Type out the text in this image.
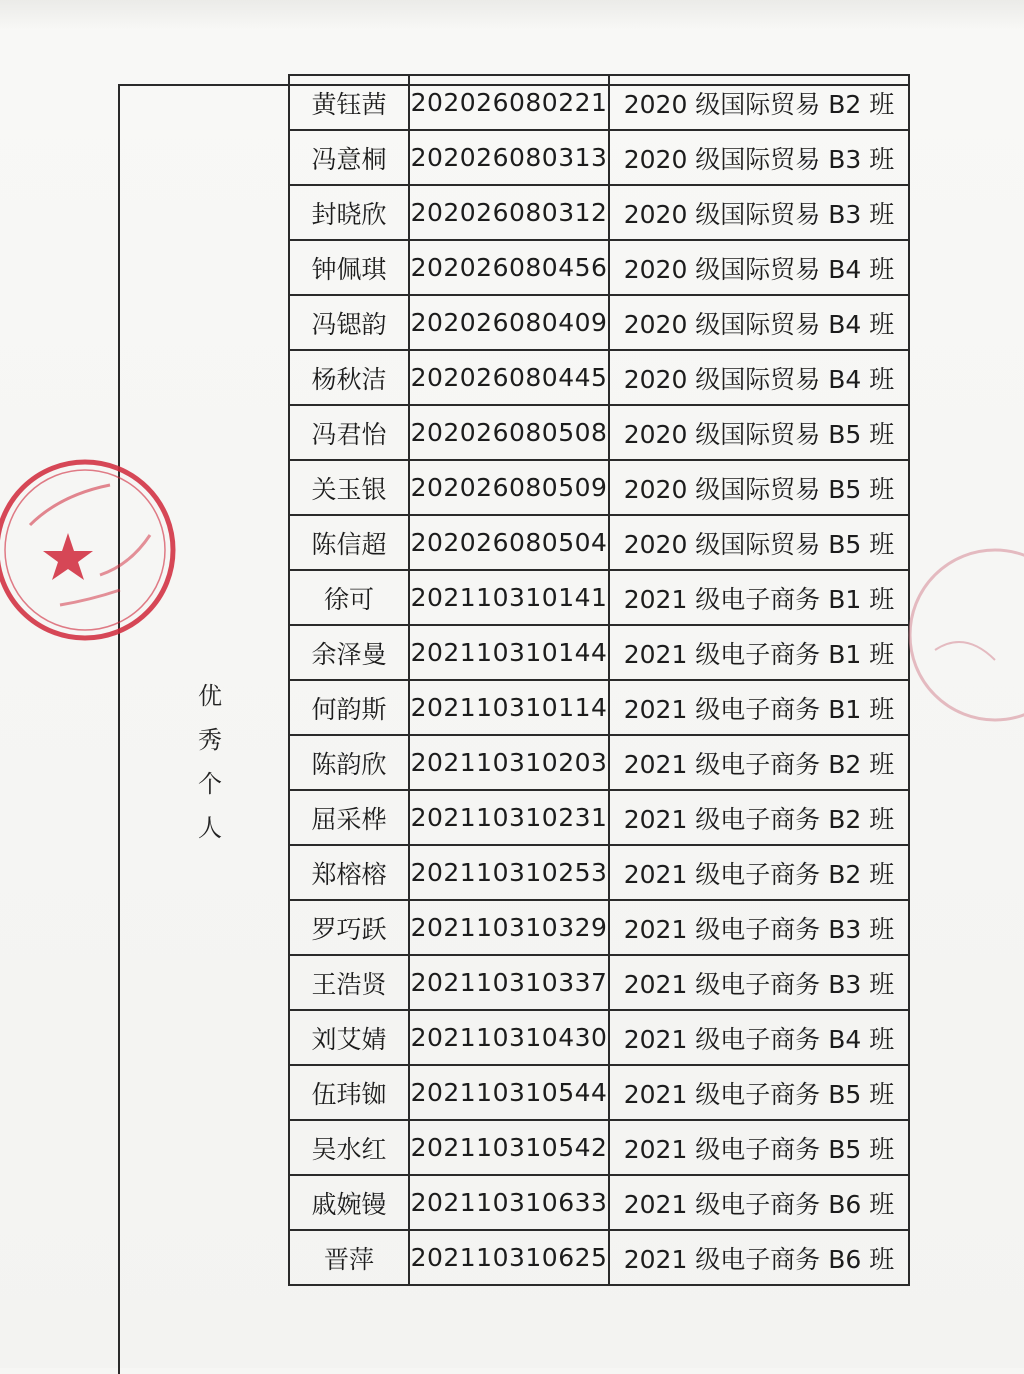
优秀个人
黄钰茜	202026080221	2020 级国际贸易 B2 班
冯意桐	202026080313	2020 级国际贸易 B3 班
封晓欣	202026080312	2020 级国际贸易 B3 班
钟佩琪	202026080456	2020 级国际贸易 B4 班
冯锶韵	202026080409	2020 级国际贸易 B4 班
杨秋洁	202026080445	2020 级国际贸易 B4 班
冯君怡	202026080508	2020 级国际贸易 B5 班
关玉银	202026080509	2020 级国际贸易 B5 班
陈信超	202026080504	2020 级国际贸易 B5 班
徐可	202110310141	2021 级电子商务 B1 班
余泽曼	202110310144	2021 级电子商务 B1 班
何韵斯	202110310114	2021 级电子商务 B1 班
陈韵欣	202110310203	2021 级电子商务 B2 班
屈采桦	202110310231	2021 级电子商务 B2 班
郑榕榕	202110310253	2021 级电子商务 B2 班
罗巧跃	202110310329	2021 级电子商务 B3 班
王浩贤	202110310337	2021 级电子商务 B3 班
刘艾婧	202110310430	2021 级电子商务 B4 班
伍玮铷	202110310544	2021 级电子商务 B5 班
吴水红	202110310542	2021 级电子商务 B5 班
戚婉镘	202110310633	2021 级电子商务 B6 班
晋萍	202110310625	2021 级电子商务 B6 班
